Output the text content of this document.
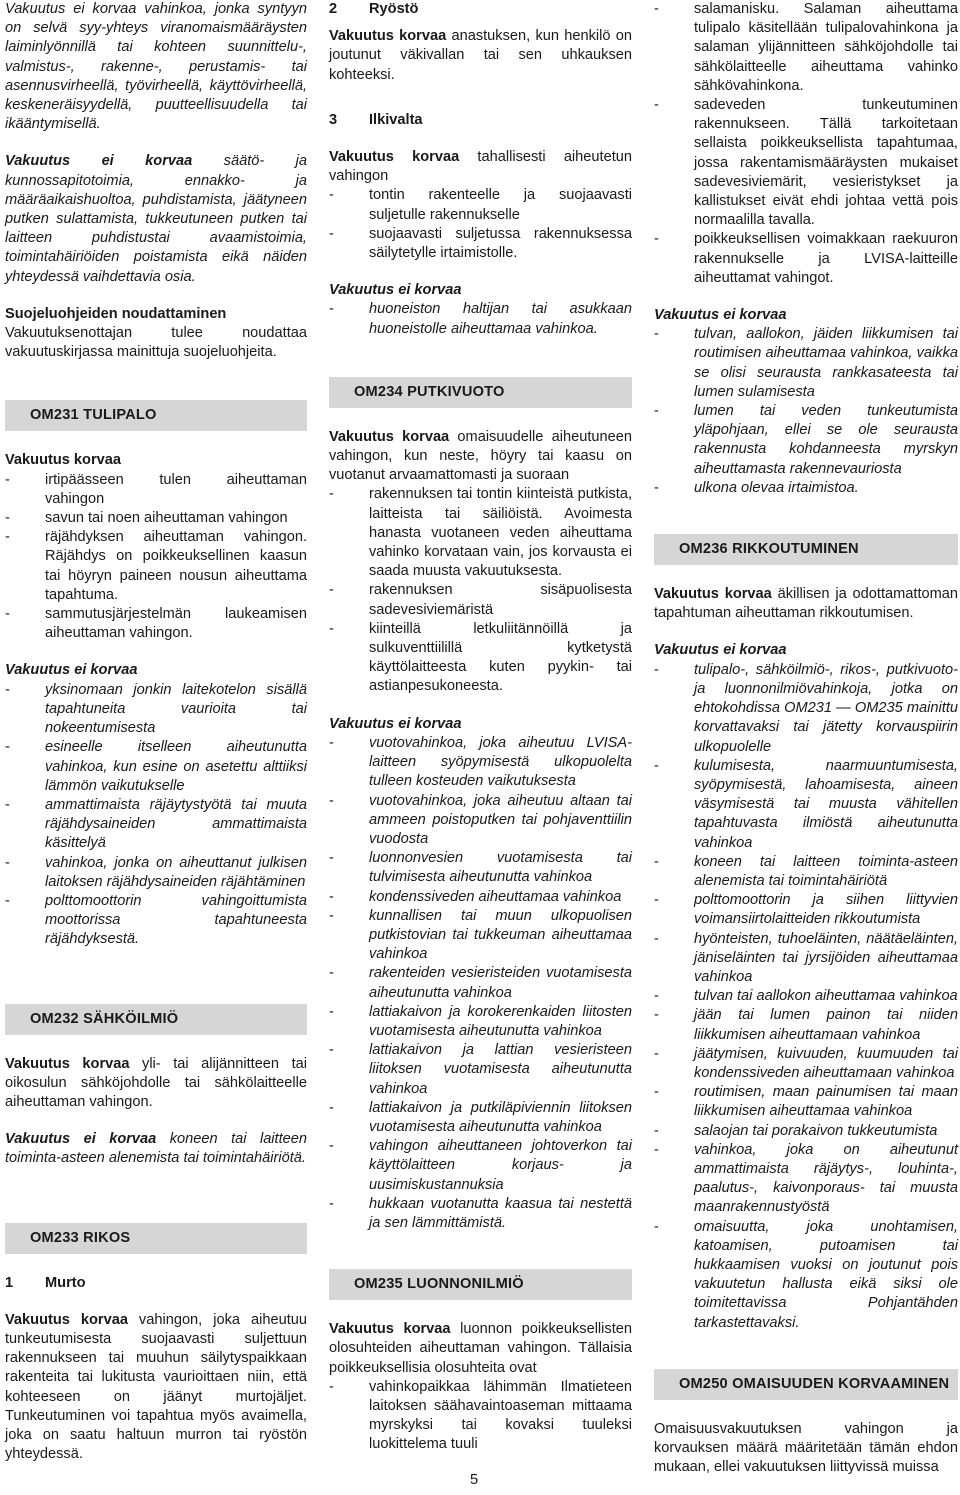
Vakuutus ei korvaa vahinkoa, jonka syntyyn on selvä syy-yhteys viranomaismääräysten laiminlyönnillä tai kohteen suunnittelu-, valmistus-, rakenne-, perustamis- tai asennusvirheellä, työvirheellä, käyttövirheellä, keskeneräisyydellä, puutteellisuudella tai ikääntymisellä.

Vakuutus ei korvaa säätö- ja kunnossapitotoimia, ennakko- ja määräaikaishuoltoa, puhdistamista, jäätyneen putken sulattamista, tukkeutuneen putken tai laitteen puhdistustai avaamistoimia, toimintahäiriöiden poistamista eikä näiden yhteydessä vaihdettavia osia.

Suojeluohjeiden noudattaminen
Vakuutuksenottajan tulee noudattaa vakuutuskirjassa mainittuja suojeluohjeita.
OM231 TULIPALO
Vakuutus korvaa
- irtipäässeen tulen aiheuttaman vahingon
- savun tai noen aiheuttaman vahingon
- räjähdyksen aiheuttaman vahingon. Räjähdys on poikkeuksellinen kaasun tai höyryn paineen nousun aiheuttama tapahtuma.
- sammutusjärjestelmän laukeamisen aiheuttaman vahingon.
Vakuutus ei korvaa
- yksinomaan jonkin laitekotelon sisällä tapahtuneita vaurioita tai nokeentumisesta
- esineelle itselleen aiheutunutta vahinkoa, kun esine on asetettu alttiiksi lämmön vaikutukselle
- ammattimaista räjäytystyötä tai muuta räjähdysaineiden ammattimaista käsittelyä
- vahinkoa, jonka on aiheuttanut julkisen laitoksen räjähdysaineiden räjähtäminen
- polttomoottorin vahingoittumista moottorissa tapahtuneesta räjähdyksestä.
OM232 SÄHKÖILMIÖ

Vakuutus korvaa yli- tai alijännitteen tai oikosulun sähköjohdolle tai sähkölaitteelle aiheuttaman vahingon.

Vakuutus ei korvaa koneen tai laitteen toiminta-asteen alenemista tai toimintahäiriötä.

OM233 RIKOS
1 Murto

Vakuutus korvaa vahingon, joka aiheutuu tunkeutumisesta suojaavasti suljettuun rakennukseen tai muuhun säilytyspaikkaan rakenteita tai lukitusta vaurioittaen niin, että kohteeseen on jäänyt murtojäljet. Tunkeutuminen voi tapahtua myös avaimella, joka on saatu haltuun murron tai ryöstön yhteydessä.

2 Ryöstö

Vakuutus korvaa anastuksen, kun henkilö on joutunut väkivallan tai sen uhkauksen kohteeksi.

3 Ilkivalta

Vakuutus korvaa tahallisesti aiheutetun vahingon

- tontin rakenteelle ja suojaavasti suljetulle rakennukselle
- suojaavasti suljetussa rakennuksessa säilytetylle irtaimistolle.
Vakuutus ei korvaa
- huoneiston haltijan tai asukkaan huoneistolle aiheuttamaa vahinkoa.
OM234 PUTKIVUOTO

Vakuutus korvaa omaisuudelle aiheutuneen vahingon, kun neste, höyry tai kaasu on vuotanut arvaamattomasti ja suoraan

- rakennuksen tai tontin kiinteistä putkista, laitteista tai säiliöistä. Avoimesta hanasta vuotaneen veden aiheuttama vahinko korvataan vain, jos korvausta ei saada muusta vakuutuksesta.
- rakennuksen sisäpuolisesta sadevesiviemäristä
- kiinteillä letkuliitännöillä ja sulkuventtiilillä kytketystä käyttölaitteesta kuten pyykin- tai astianpesukoneesta.
Vakuutus ei korvaa
- vuotovahinkoa, joka aiheutuu LVISA-laitteen syöpymisestä ulkopuolelta tulleen kosteuden vaikutuksesta
- vuotovahinkoa, joka aiheutuu altaan tai ammeen poistoputken tai pohjaventtiilin vuodosta
- luonnonvesien vuotamisesta tai tulvimisesta aiheutunutta vahinkoa
- kondenssiveden aiheuttamaa vahinkoa
- kunnallisen tai muun ulkopuolisen putkistovian tai tukkeuman aiheuttamaa vahinkoa
- rakenteiden vesieristeiden vuotamisesta aiheutunutta vahinkoa
- lattiakaivon ja korokerenkaiden liitosten vuotamisesta aiheutunutta vahinkoa
- lattiakaivon ja lattian vesieristeen liitoksen vuotamisesta aiheutunutta vahinkoa
- lattiakaivon ja putkiläpiviennin liitoksen vuotamisesta aiheutunutta vahinkoa
- vahingon aiheuttaneen johtoverkon tai käyttölaitteen korjaus- ja uusimiskustannuksia
- hukkaan vuotanutta kaasua tai nestettä ja sen lämmittämistä.
OM235 LUONNONILMIÖ

Vakuutus korvaa luonnon poikkeuksellisten olosuhteiden aiheuttaman vahingon. Tällaisia poikkeuksellisia olosuhteita ovat

- vahinkopaikkaa lähimmän Ilmatieteen laitoksen säähavaintoaseman mittaama myrskyksi tai kovaksi tuuleksi luokittelema tuuli
- salamanisku. Salaman aiheuttama tulipalo käsitellään tulipalovahinkona ja salaman ylijännitteen sähköjohdolle tai sähkölaitteelle aiheuttama vahinko sähkövahinkona.
- sadeveden tunkeutuminen rakennukseen. Tällä tarkoitetaan sellaista poikkeuksellista tapahtumaa, jossa rakentamismääräysten mukaiset sadevesiviemärit, vesieristykset ja kallistukset eivät ehdi johtaa vettä pois normaalilla tavalla.
- poikkeuksellisen voimakkaan raekuuron rakennukselle ja LVISA-laitteille aiheuttamat vahingot.
Vakuutus ei korvaa
- tulvan, aallokon, jäiden liikkumisen tai routimisen aiheuttamaa vahinkoa, vaikka se olisi seurausta rankkasateesta tai lumen sulamisesta
- lumen tai veden tunkeutumista yläpohjaan, ellei se ole seurausta rakennusta kohdanneesta myrskyn aiheuttamasta rakennevauriosta
- ulkona olevaa irtaimistoa.
OM236 RIKKOUTUMINEN

Vakuutus korvaa äkillisen ja odottamattoman tapahtuman aiheuttaman rikkoutumisen.

Vakuutus ei korvaa
- tulipalo-, sähköilmiö-, rikos-, putkivuoto- ja luonnonilmiövahinkoja, jotka on ehtokohdissa OM231 — OM235 mainittu korvattavaksi tai jätetty korvauspiirin ulkopuolelle
- kulumisesta, naarmuuntumisesta, syöpymisestä, lahoamisesta, aineen väsymisestä tai muusta vähitellen tapahtuvasta ilmiöstä aiheutunutta vahinkoa
- koneen tai laitteen toiminta-asteen alenemista tai toimintahäiriötä
- polttomoottorin ja siihen liittyvien voimansiirtolaitteiden rikkoutumista
- hyönteisten, tuhoeläinten, näätäeläinten, jäniseläinten tai jyrsijöiden aiheuttamaa vahinkoa
- tulvan tai aallokon aiheuttamaa vahinkoa
- jään tai lumen painon tai niiden liikkumisen aiheuttamaan vahinkoa
- jäätymisen, kuivuuden, kuumuuden tai kondenssiveden aiheuttamaan vahinkoa
- routimisen, maan painumisen tai maan liikkumisen aiheuttamaa vahinkoa
- salaojan tai porakaivon tukkeutumista
- vahinkoa, joka on aiheutunut ammattimaista räjäytys-, louhinta-, paalutus-, kaivonporaus- tai muusta maanrakennustyöstä
- omaisuutta, joka unohtamisen, katoamisen, putoamisen tai hukkaamisen vuoksi on joutunut pois vakuutetun hallusta eikä siksi ole toimitettavissa Pohjantähden tarkastettavaksi.
OM250 OMAISUUDEN KORVAAMINEN

Omaisuusvakuutuksen vahingon ja korvauksen määrä määritetään tämän ehdon mukaan, ellei vakuutuksen liittyvissä muissa

5
